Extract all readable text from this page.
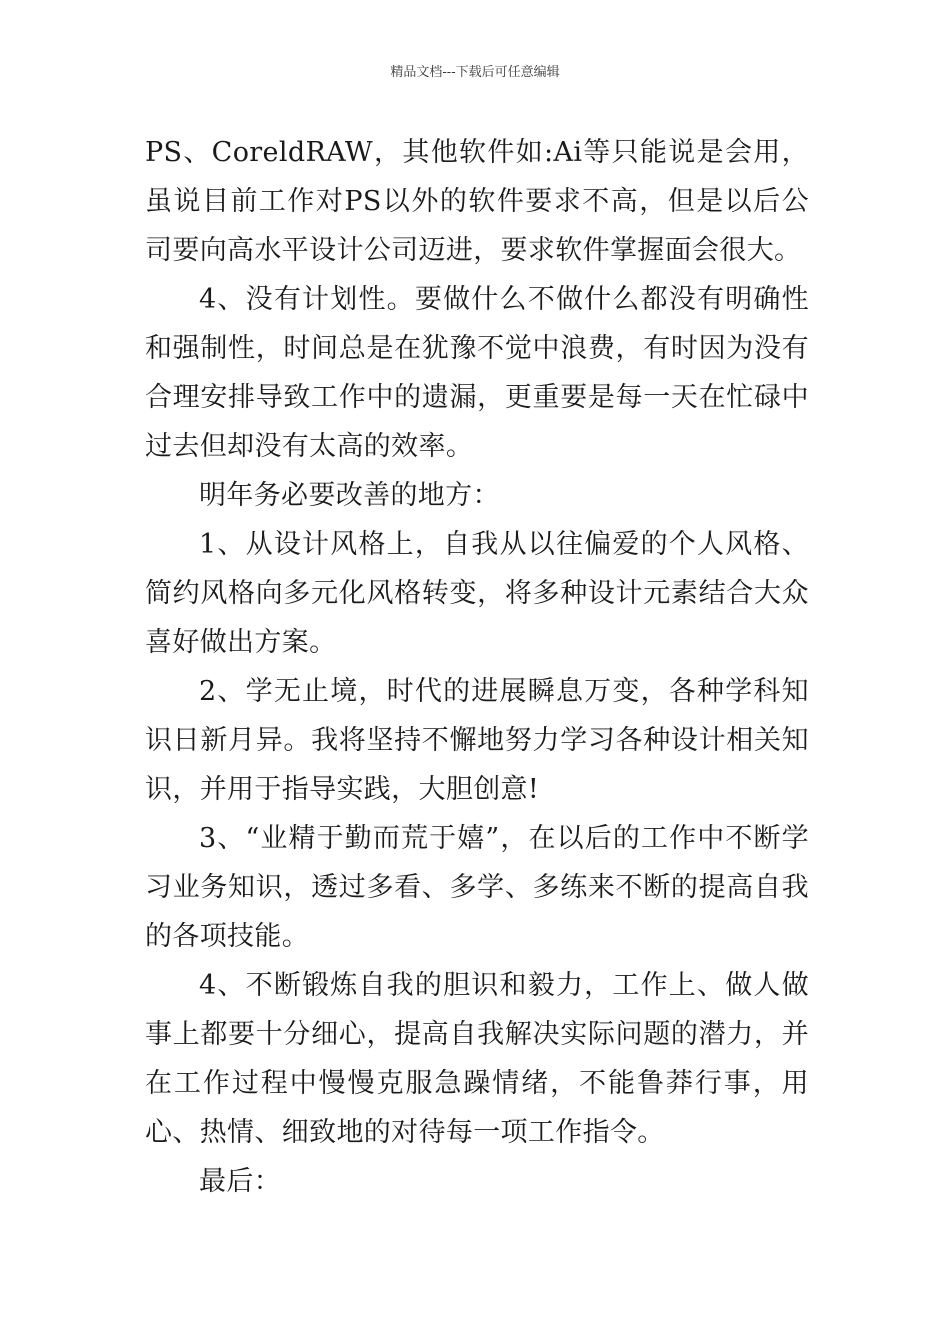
精品文档---下载后可任意编辑

PS、CoreldRAW，其他软件如:Ai等只能说是会用，虽说目前工作对PS以外的软件要求不高，但是以后公司要向高水平设计公司迈进，要求软件掌握面会很大。

4、没有计划性。要做什么不做什么都没有明确性和强制性，时间总是在犹豫不觉中浪费，有时因为没有合理安排导致工作中的遗漏，更重要是每一天在忙碌中过去但却没有太高的效率。

明年务必要改善的地方：

1、从设计风格上，自我从以往偏爱的个人风格、简约风格向多元化风格转变，将多种设计元素结合大众喜好做出方案。

2、学无止境，时代的进展瞬息万变，各种学科知识日新月异。我将坚持不懈地努力学习各种设计相关知识，并用于指导实践，大胆创意!

3、“业精于勤而荒于嬉”，在以后的工作中不断学习业务知识，透过多看、多学、多练来不断的提高自我的各项技能。

4、不断锻炼自我的胆识和毅力，工作上、做人做事上都要十分细心，提高自我解决实际问题的潜力，并在工作过程中慢慢克服急躁情绪，不能鲁莽行事，用心、热情、细致地的对待每一项工作指令。

最后：
